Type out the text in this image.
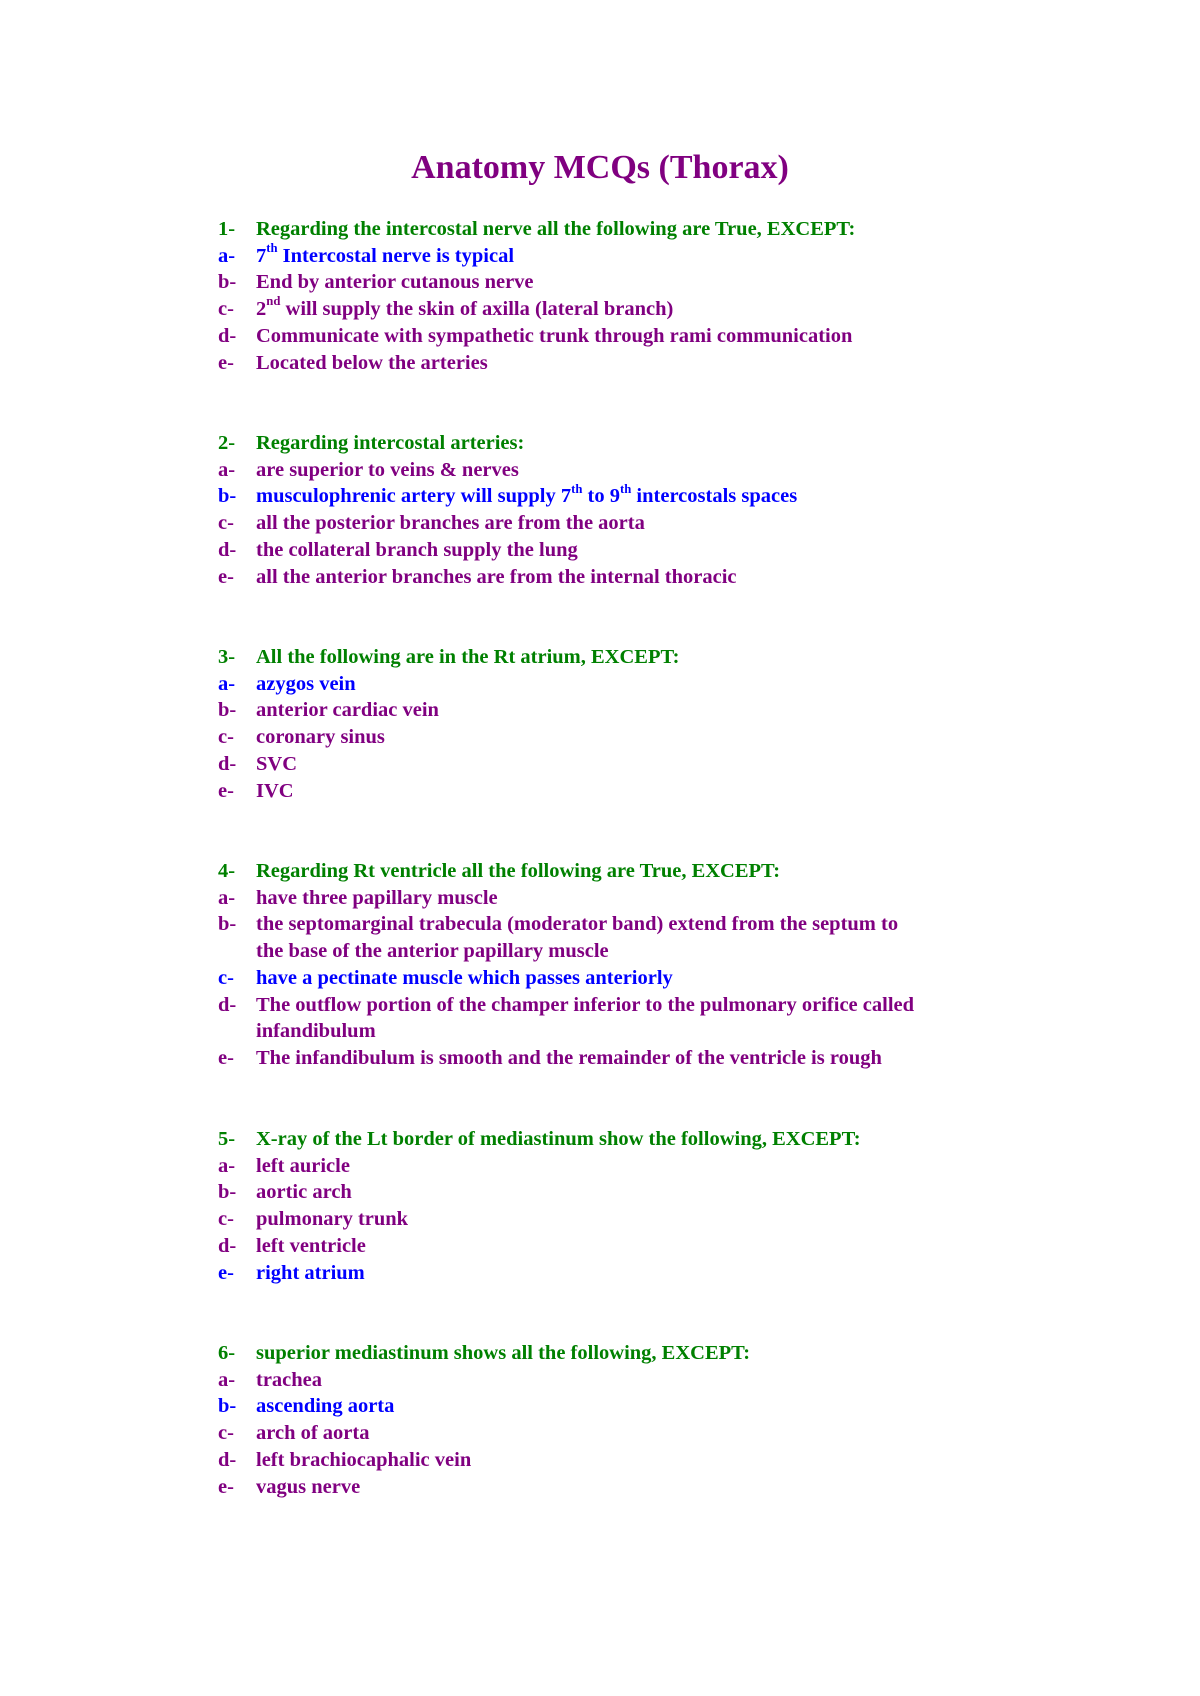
Anatomy MCQs (Thorax)
1-	Regarding the intercostal nerve all the following are True, EXCEPT:
a-	7th Intercostal nerve is typical
b- End by anterior cutanous nerve
c-	2nd will supply the skin of axilla (lateral branch)
d- Communicate with sympathetic trunk through rami communication
e-	Located below the arteries
2-	Regarding intercostal arteries:
a-	are superior to veins & nerves
b- musculophrenic artery will supply 7th to 9th intercostals spaces
c-	all the posterior branches are from the aorta
d- the collateral branch supply the lung
e-	all the anterior branches are from the internal thoracic
3-	All the following are in the Rt atrium, EXCEPT:
a-	azygos vein
b- anterior cardiac vein
c-	coronary sinus
d- SVC
e-	IVC
4-	Regarding Rt ventricle all the following are True, EXCEPT:
a-	have three papillary muscle
b- the septomarginal trabecula (moderator band) extend from the septum to
the base of the anterior papillary muscle
c-	have a pectinate muscle which passes anteriorly
d- The outflow portion of the champer inferior to the pulmonary orifice called
infandibulum
e-	The infandibulum is smooth and the remainder of the ventricle is rough
5-	X-ray of the Lt border of mediastinum show the following, EXCEPT:
a-	left auricle
b- aortic arch
c-	pulmonary trunk
d- left ventricle
e-	right atrium
6-	superior mediastinum shows all the following, EXCEPT:
a-	trachea
b- ascending aorta
c-	arch of aorta
d- left brachiocaphalic vein
e-	vagus nerve
